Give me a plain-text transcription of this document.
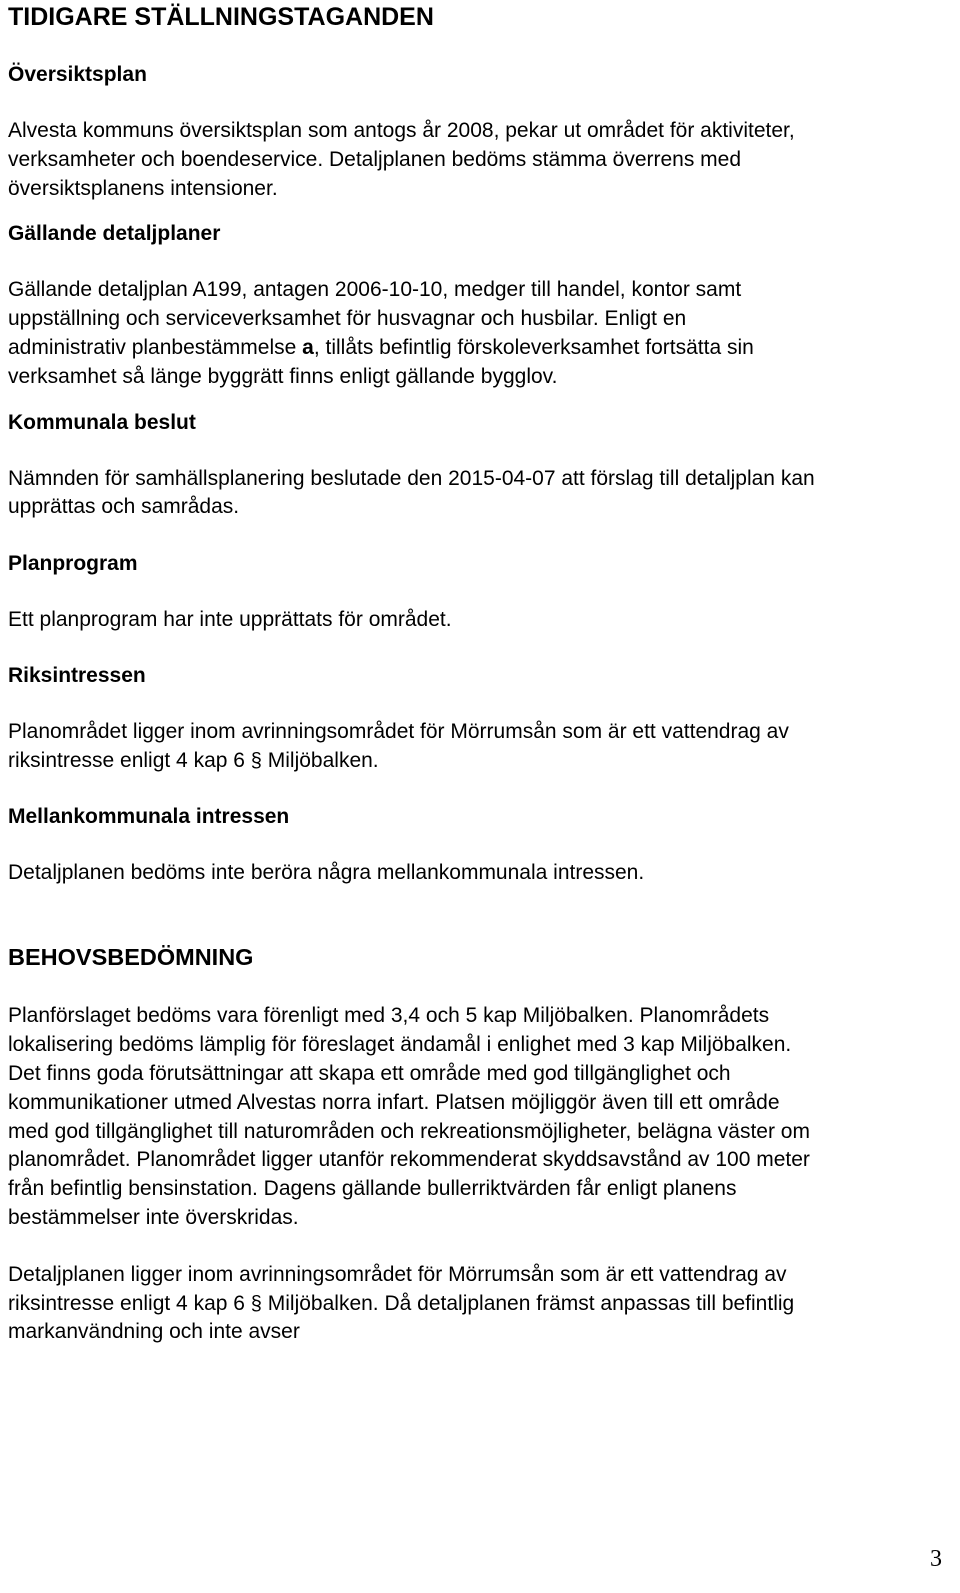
TIDIGARE STÄLLNINGSTAGANDEN
Översiktsplan

Alvesta kommuns översiktsplan som antogs år 2008, pekar ut området för aktiviteter, verksamheter och boendeservice. Detaljplanen bedöms stämma överrens med översiktsplanens intensioner.

Gällande detaljplaner

Gällande detaljplan A199, antagen 2006-10-10, medger till handel, kontor samt uppställning och serviceverksamhet för husvagnar och husbilar. Enligt en administrativ planbestämmelse a, tillåts befintlig förskoleverksamhet fortsätta sin verksamhet så länge byggrätt finns enligt gällande bygglov.

Kommunala beslut

Nämnden för samhällsplanering beslutade den 2015-04-07 att förslag till detaljplan kan upprättas och samrådas.

Planprogram

Ett planprogram har inte upprättats för området.

Riksintressen

Planområdet ligger inom avrinningsområdet för Mörrumsån som är ett vattendrag av riksintresse enligt 4 kap 6 § Miljöbalken.

Mellankommunala intressen

Detaljplanen bedöms inte beröra några mellankommunala intressen.

BEHOVSBEDÖMNING

Planförslaget bedöms vara förenligt med 3,4 och 5 kap Miljöbalken. Planområdets lokalisering bedöms lämplig för föreslaget ändamål i enlighet med 3 kap Miljöbalken. Det finns goda förutsättningar att skapa ett område med god tillgänglighet och kommunikationer utmed Alvestas norra infart. Platsen möjliggör även till ett område med god tillgänglighet till naturområden och rekreationsmöjligheter, belägna väster om planområdet. Planområdet ligger utanför rekommenderat skyddsavstånd av 100 meter från befintlig bensinstation. Dagens gällande bullerriktvärden får enligt planens bestämmelser inte överskridas.

Detaljplanen ligger inom avrinningsområdet för Mörrumsån som är ett vattendrag av riksintresse enligt 4 kap 6 § Miljöbalken. Då detaljplanen främst anpassas till befintlig markanvändning och inte avser

3
